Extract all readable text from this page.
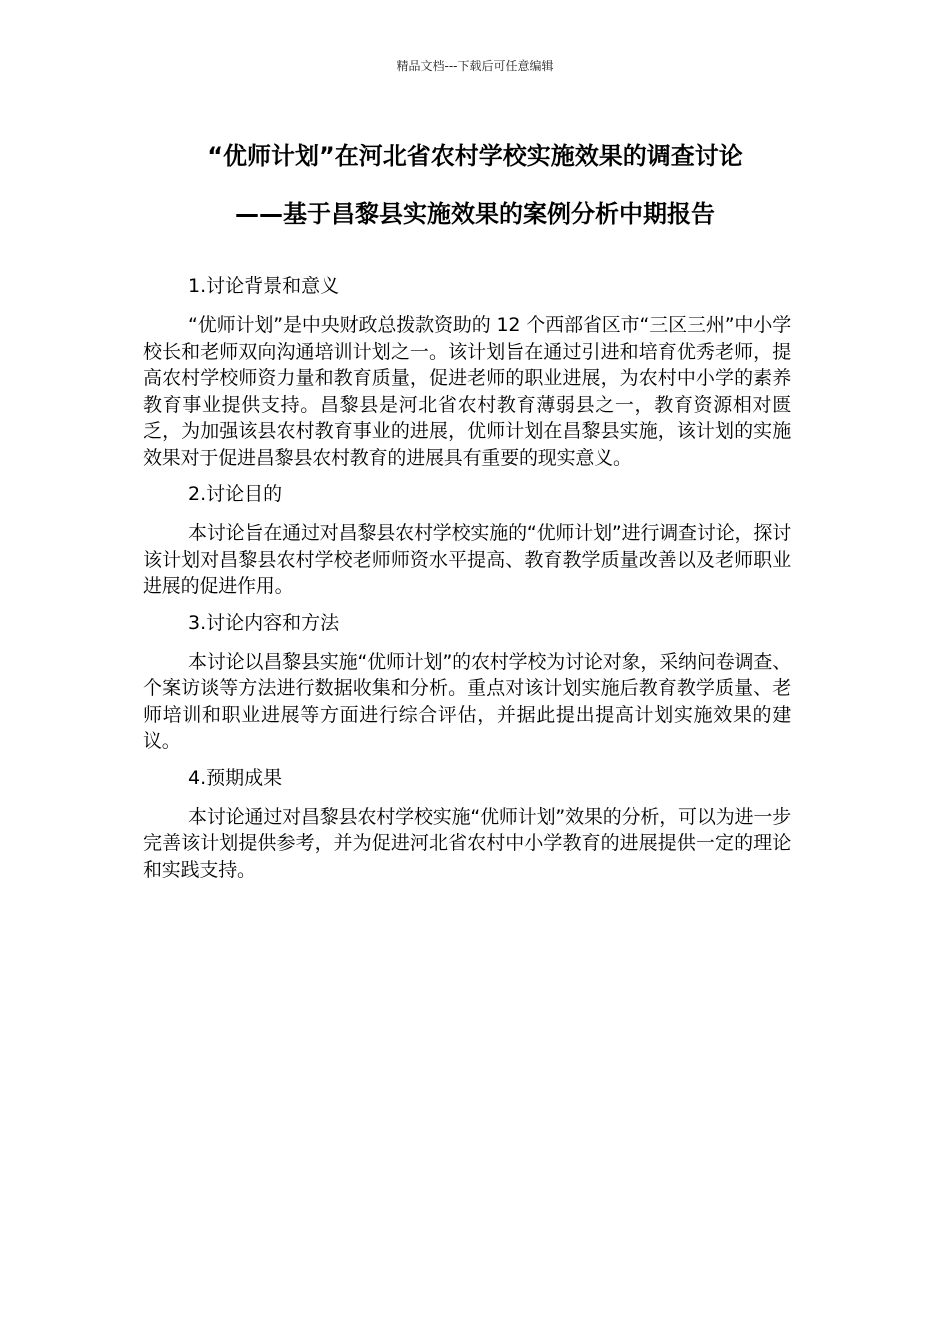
精品文档---下载后可任意编辑
“优师计划”在河北省农村学校实施效果的调查讨论
——基于昌黎县实施效果的案例分析中期报告

1.讨论背景和意义

“优师计划”是中央财政总拨款资助的 12 个西部省区市“三区三州”中小学校长和老师双向沟通培训计划之一。该计划旨在通过引进和培育优秀老师，提高农村学校师资力量和教育质量，促进老师的职业进展，为农村中小学的素养教育事业提供支持。昌黎县是河北省农村教育薄弱县之一，教育资源相对匮乏，为加强该县农村教育事业的进展，优师计划在昌黎县实施，该计划的实施效果对于促进昌黎县农村教育的进展具有重要的现实意义。

2.讨论目的

本讨论旨在通过对昌黎县农村学校实施的“优师计划”进行调查讨论，探讨该计划对昌黎县农村学校老师师资水平提高、教育教学质量改善以及老师职业进展的促进作用。

3.讨论内容和方法

本讨论以昌黎县实施“优师计划”的农村学校为讨论对象，采纳问卷调查、个案访谈等方法进行数据收集和分析。重点对该计划实施后教育教学质量、老师培训和职业进展等方面进行综合评估，并据此提出提高计划实施效果的建议。

4.预期成果

本讨论通过对昌黎县农村学校实施“优师计划”效果的分析，可以为进一步完善该计划提供参考，并为促进河北省农村中小学教育的进展提供一定的理论和实践支持。
